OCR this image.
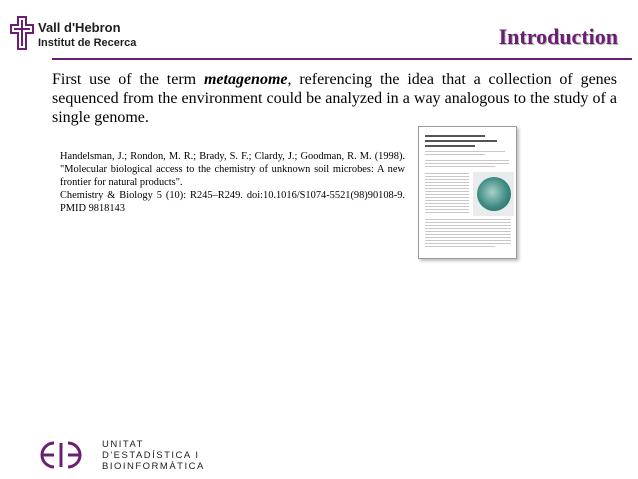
Vall d'Hebron
Institut de Recerca	Introduction
First use of the term metagenome, referencing the idea that a collection of genes sequenced from the environment could be analyzed in a way analogous to the study of a single genome.

Handelsman, J.; Rondon, M. R.; Brady, S. F.; Clardy, J.; Goodman, R. M. (1998). "Molecular biological access to the chemistry of unknown soil microbes: A new frontier for natural products".

Chemistry & Biology 5 (10): R245–R249. doi:10.1016/S1074-5521(98)90108-9. PMID 9818143

UNITAT
D'ESTADÍSTICA I
BIOINFORMÀTICA
